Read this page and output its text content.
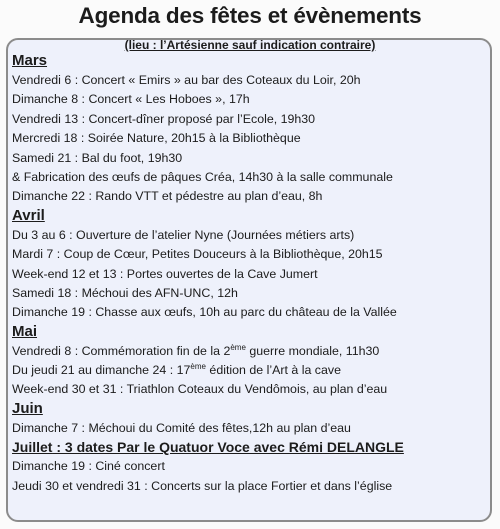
Agenda des fêtes et évènements
(lieu : l’Artésienne sauf indication contraire)
Mars
Vendredi 6 : Concert « Emirs » au bar des Coteaux du Loir, 20h
Dimanche 8 : Concert « Les Hoboes », 17h
Vendredi 13 : Concert-dîner proposé par l’Ecole, 19h30
Mercredi 18 : Soirée Nature, 20h15 à la Bibliothèque
Samedi 21 : Bal du foot, 19h30
& Fabrication des œufs de pâques Créa, 14h30 à la salle communale
Dimanche 22 : Rando VTT et pédestre au plan d’eau, 8h
Avril
Du 3 au 6 : Ouverture de l’atelier Nyne (Journées métiers arts)
Mardi 7 : Coup de Cœur, Petites Douceurs à la Bibliothèque, 20h15
Week-end 12 et 13 : Portes ouvertes de la Cave Jumert
Samedi 18 : Méchoui des AFN-UNC, 12h
Dimanche 19 : Chasse aux œufs, 10h au parc du château de la Vallée
Mai
Vendredi 8 : Commémoration fin de la 2ème guerre mondiale, 11h30
Du jeudi 21 au dimanche 24 : 17ème édition de l’Art à la cave
Week-end 30 et 31 : Triathlon Coteaux du Vendômois, au plan d’eau
Juin
Dimanche 7 : Méchoui du Comité des fêtes,12h au plan d’eau
Juillet : 3 dates Par le Quatuor Voce avec Rémi DELANGLE
Dimanche 19 : Ciné concert
Jeudi 30 et vendredi 31 : Concerts sur la place Fortier et dans l’église
